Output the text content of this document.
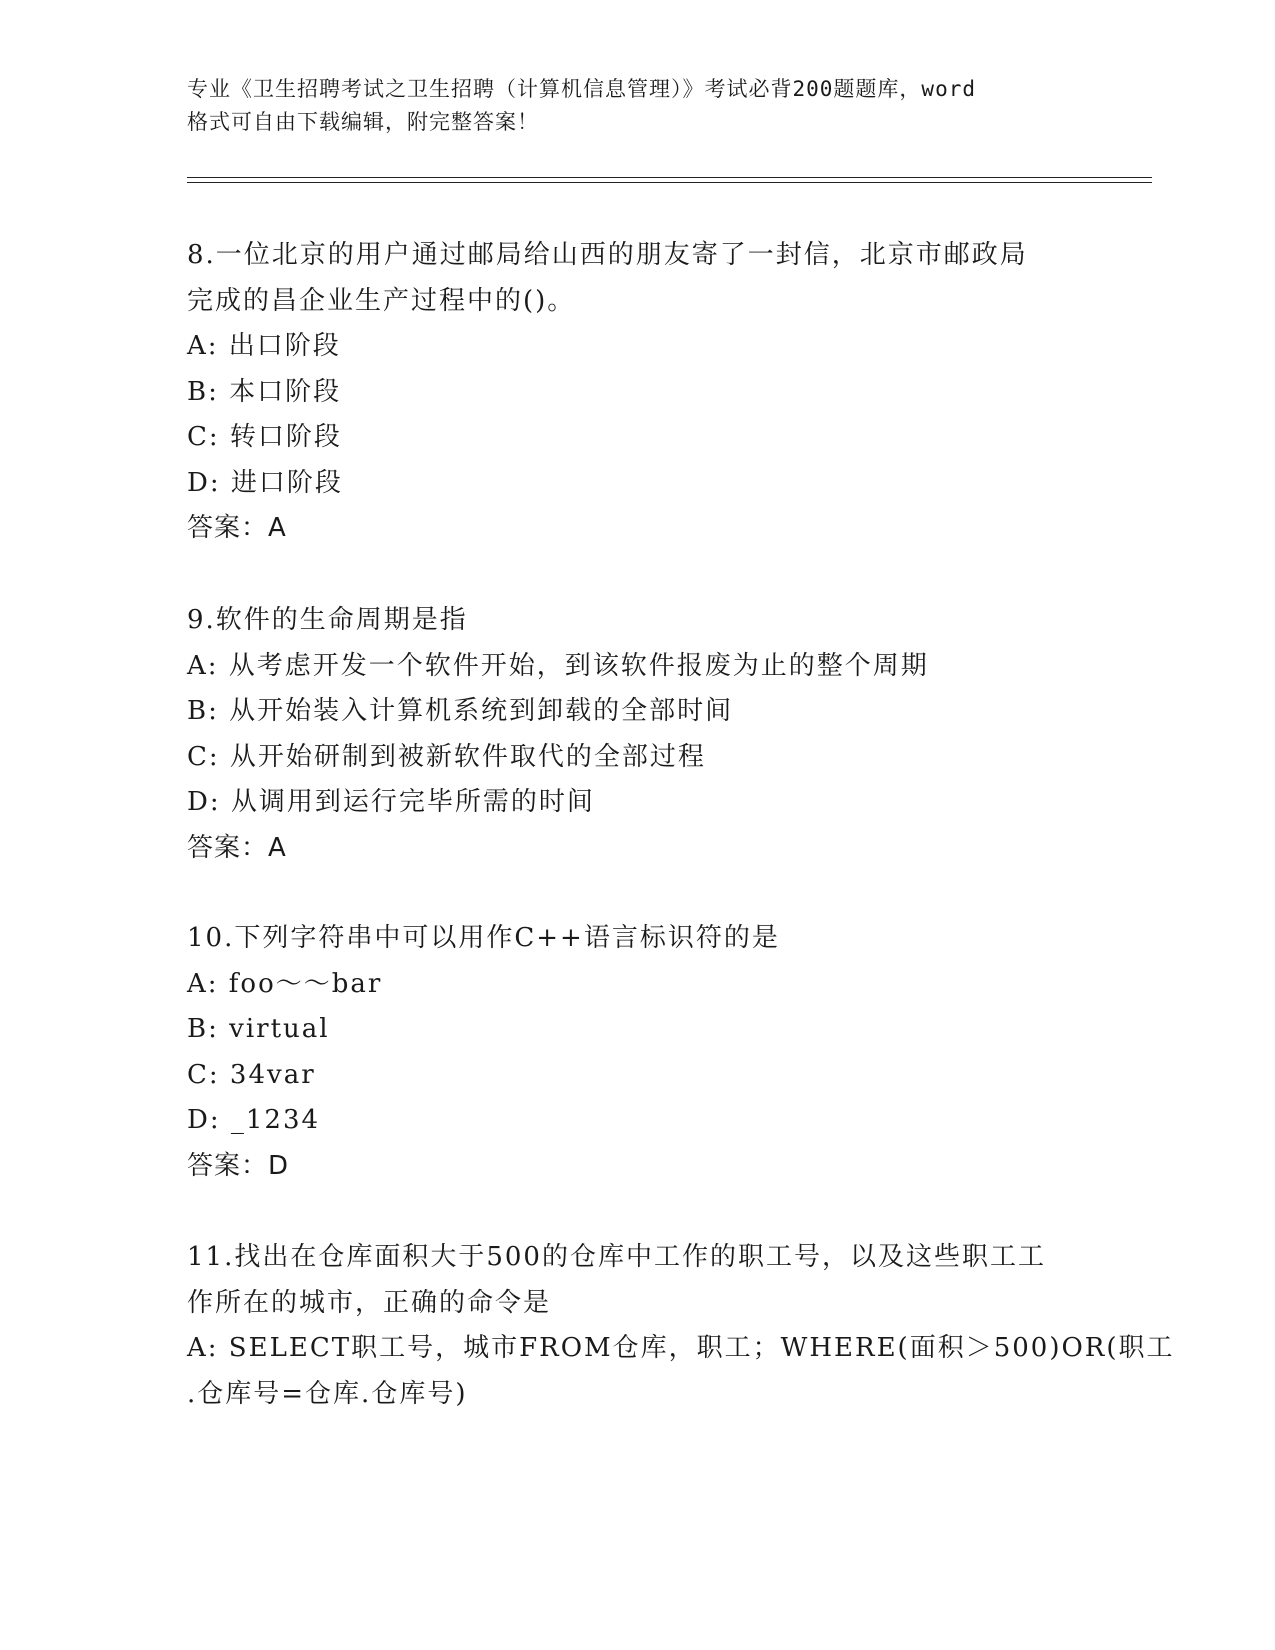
专业《卫生招聘考试之卫生招聘（计算机信息管理）》考试必背200题题库，word
格式可自由下载编辑，附完整答案！
8.一位北京的用户通过邮局给山西的朋友寄了一封信，北京市邮政局
完成的昌企业生产过程中的()。
A: 出口阶段
B: 本口阶段
C: 转口阶段
D: 进口阶段
答案：A
9.软件的生命周期是指
A: 从考虑开发一个软件开始，到该软件报废为止的整个周期
B: 从开始装入计算机系统到卸载的全部时间
C: 从开始研制到被新软件取代的全部过程
D: 从调用到运行完毕所需的时间
答案：A
10.下列字符串中可以用作C++语言标识符的是
A: foo～～bar
B: virtual
C: 34var
D: _1234
答案：D
11.找出在仓库面积大于500的仓库中工作的职工号，以及这些职工工
作所在的城市，正确的命令是
A: SELECT职工号，城市FROM仓库，职工；WHERE(面积＞500)OR(职工
.仓库号=仓库.仓库号)
